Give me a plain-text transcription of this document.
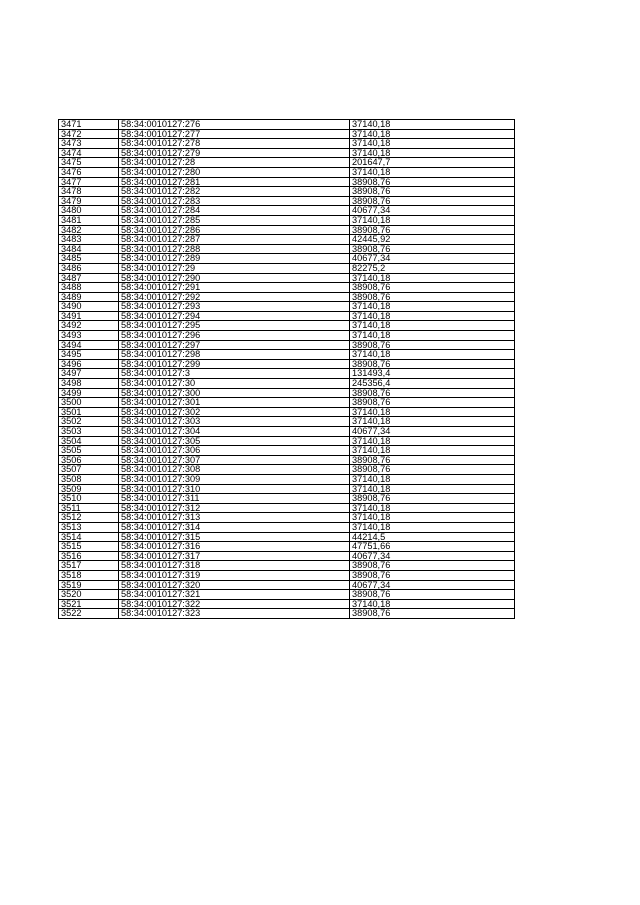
3471	58:34:0010127:276	37140,18
3472	58:34:0010127:277	37140,18
3473	58:34:0010127:278	37140,18
3474	58:34:0010127:279	37140,18
3475	58:34:0010127:28	201647,7
3476	58:34:0010127:280	37140,18
3477	58:34:0010127:281	38908,76
3478	58:34:0010127:282	38908,76
3479	58:34:0010127:283	38908,76
3480	58:34:0010127:284	40677,34
3481	58:34:0010127:285	37140,18
3482	58:34:0010127:286	38908,76
3483	58:34:0010127:287	42445,92
3484	58:34:0010127:288	38908,76
3485	58:34:0010127:289	40677,34
3486	58:34:0010127:29	82275,2
3487	58:34:0010127:290	37140,18
3488	58:34:0010127:291	38908,76
3489	58:34:0010127:292	38908,76
3490	58:34:0010127:293	37140,18
3491	58:34:0010127:294	37140,18
3492	58:34:0010127:295	37140,18
3493	58:34:0010127:296	37140,18
3494	58:34:0010127:297	38908,76
3495	58:34:0010127:298	37140,18
3496	58:34:0010127:299	38908,76
3497	58:34:0010127:3	131493,4
3498	58:34:0010127:30	245356,4
3499	58:34:0010127:300	38908,76
3500	58:34:0010127:301	38908,76
3501	58:34:0010127:302	37140,18
3502	58:34:0010127:303	37140,18
3503	58:34:0010127:304	40677,34
3504	58:34:0010127:305	37140,18
3505	58:34:0010127:306	37140,18
3506	58:34:0010127:307	38908,76
3507	58:34:0010127:308	38908,76
3508	58:34:0010127:309	37140,18
3509	58:34:0010127:310	37140,18
3510	58:34:0010127:311	38908,76
3511	58:34:0010127:312	37140,18
3512	58:34:0010127:313	37140,18
3513	58:34:0010127:314	37140,18
3514	58:34:0010127:315	44214,5
3515	58:34:0010127:316	47751,66
3516	58:34:0010127:317	40677,34
3517	58:34:0010127:318	38908,76
3518	58:34:0010127:319	38908,76
3519	58:34:0010127:320	40677,34
3520	58:34:0010127:321	38908,76
3521	58:34:0010127:322	37140,18
3522	58:34:0010127:323	38908,76
